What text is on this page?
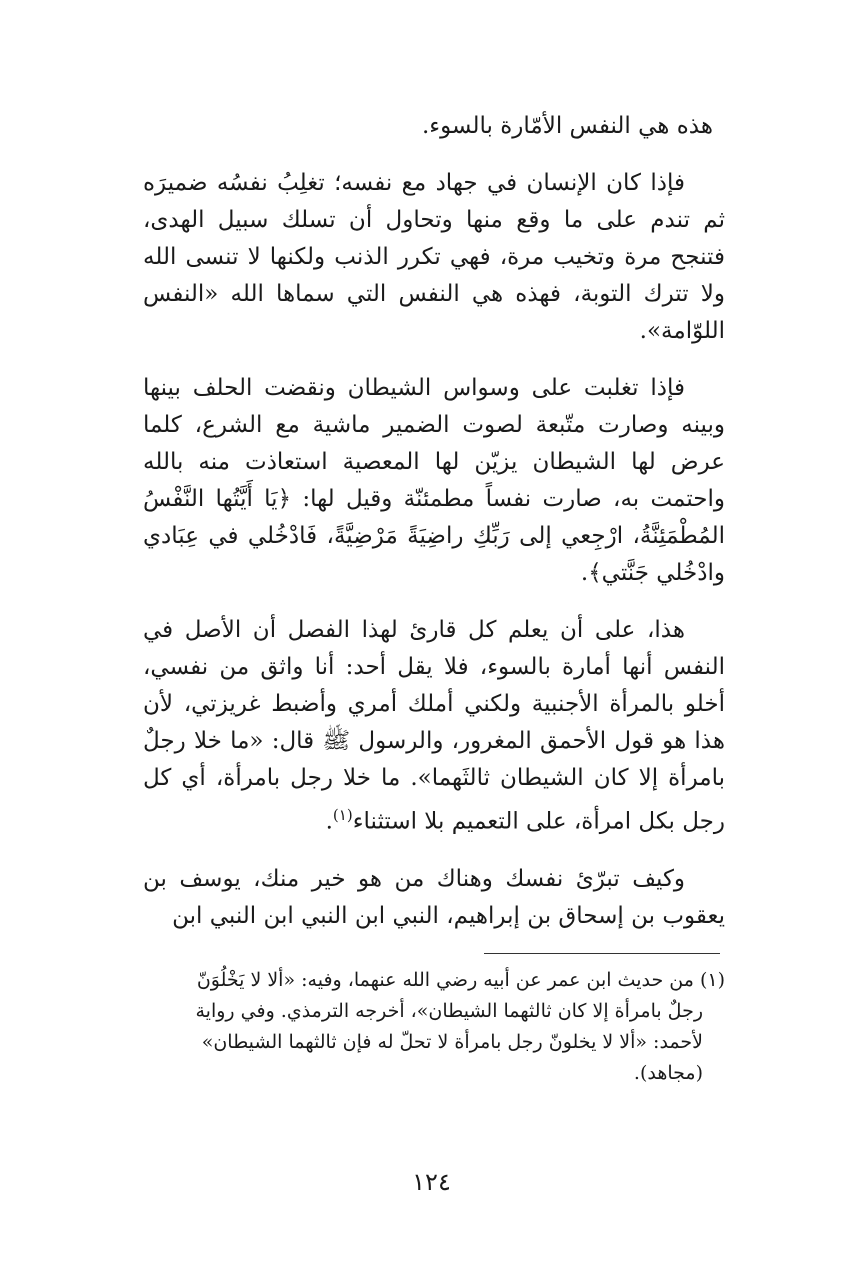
هذه هي النفس الأمّارة بالسوء.

فإذا كان الإنسان في جهاد مع نفسه؛ تغلِبُ نفسُه ضميرَه ثم تندم على ما وقع منها وتحاول أن تسلك سبيل الهدى، فتنجح مرة وتخيب مرة، فهي تكرر الذنب ولكنها لا تنسى الله ولا تترك التوبة، فهذه هي النفس التي سماها الله «النفس اللوّامة».

فإذا تغلبت على وسواس الشيطان ونقضت الحلف بينها وبينه وصارت متّبعة لصوت الضمير ماشية مع الشرع، كلما عرض لها الشيطان يزيّن لها المعصية استعاذت منه بالله واحتمت به، صارت نفساً مطمئنّة وقيل لها: ﴿يَا أَيَّتُها النَّفْسُ المُطْمَئِنَّةُ، ارْجِعي إلى رَبِّكِ راضِيَةً مَرْضِيَّةً، فَادْخُلي في عِبَادي وادْخُلي جَنَّتي﴾.

هذا، على أن يعلم كل قارئ لهذا الفصل أن الأصل في النفس أنها أمارة بالسوء، فلا يقل أحد: أنا واثق من نفسي، أخلو بالمرأة الأجنبية ولكني أملك أمري وأضبط غريزتي، لأن هذا هو قول الأحمق المغرور، والرسول ﷺ قال: «ما خلا رجلٌ بامرأة إلا كان الشيطان ثالثَهما». ما خلا رجل بامرأة، أي كل رجل بكل امرأة، على التعميم بلا استثناء$^{(١)}$.

وكيف تبرّئ نفسك وهناك من هو خير منك، يوسف بن يعقوب بن إسحاق بن إبراهيم، النبي ابن النبي ابن النبي ابن

(١) من حديث ابن عمر عن أبيه رضي الله عنهما، وفيه: «ألا لا يَخْلُوَنّ
رجلٌ بامرأة إلا كان ثالثهما الشيطان»، أخرجه الترمذي. وفي رواية
لأحمد: «ألا لا يخلونّ رجل بامرأة لا تحلّ له فإن ثالثهما الشيطان»
(مجاهد).
١٢٤
